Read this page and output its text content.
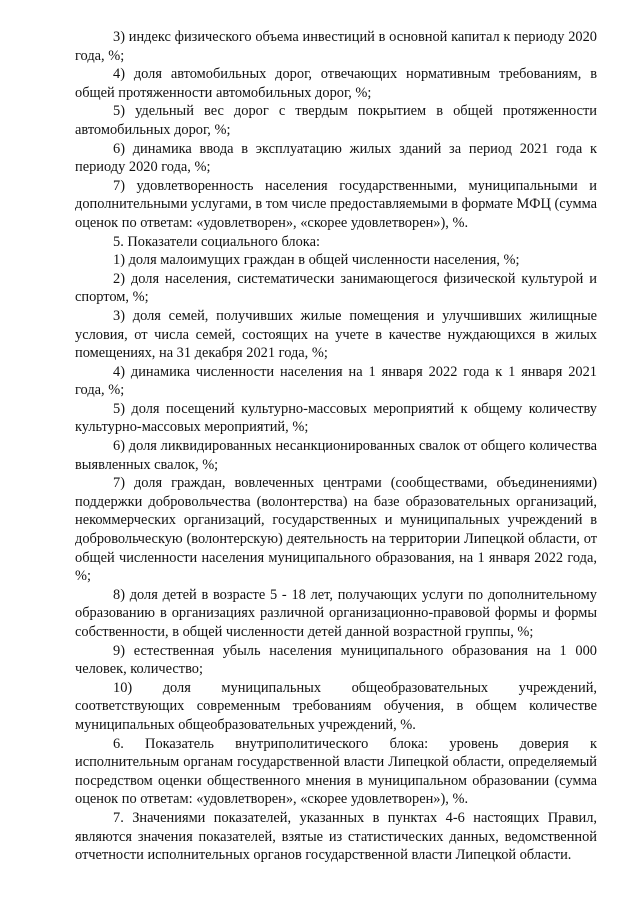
3) индекс физического объема инвестиций в основной капитал к периоду 2020 года, %;

4) доля автомобильных дорог, отвечающих нормативным требованиям, в общей протяженности автомобильных дорог, %;

5) удельный вес дорог с твердым покрытием в общей протяженности автомобильных дорог, %;

6) динамика ввода в эксплуатацию жилых зданий за период 2021 года к периоду 2020 года, %;

7) удовлетворенность населения государственными, муниципальными и дополнительными услугами, в том числе предоставляемыми в формате МФЦ (сумма оценок по ответам: «удовлетворен», «скорее удовлетворен»), %.

5. Показатели социального блока:

1) доля малоимущих граждан в общей численности населения, %;

2) доля населения, систематически занимающегося физической культурой и спортом, %;

3) доля семей, получивших жилые помещения и улучшивших жилищные условия, от числа семей, состоящих на учете в качестве нуждающихся в жилых помещениях, на 31 декабря 2021 года, %;

4) динамика численности населения на 1 января 2022 года к 1 января 2021 года, %;

5) доля посещений культурно-массовых мероприятий к общему количеству культурно-массовых мероприятий, %;

6) доля ликвидированных несанкционированных свалок от общего количества выявленных свалок, %;

7) доля граждан, вовлеченных центрами (сообществами, объединениями) поддержки добровольчества (волонтерства) на базе образовательных организаций, некоммерческих организаций, государственных и муниципальных учреждений в добровольческую (волонтерскую) деятельность на территории Липецкой области, от общей численности населения муниципального образования, на 1 января 2022 года, %;

8) доля детей в возрасте 5 - 18 лет, получающих услуги по дополнительному образованию в организациях различной организационно-правовой формы и формы собственности, в общей численности детей данной возрастной группы, %;

9) естественная убыль населения муниципального образования на 1 000 человек, количество;

10) доля муниципальных общеобразовательных учреждений, соответствующих современным требованиям обучения, в общем количестве муниципальных общеобразовательных учреждений, %.

6. Показатель внутриполитического блока: уровень доверия к исполнительным органам государственной власти Липецкой области, определяемый посредством оценки общественного мнения в муниципальном образовании (сумма оценок по ответам: «удовлетворен», «скорее удовлетворен»), %.

7. Значениями показателей, указанных в пунктах 4-6 настоящих Правил, являются значения показателей, взятые из статистических данных, ведомственной отчетности исполнительных органов государственной власти Липецкой области.
